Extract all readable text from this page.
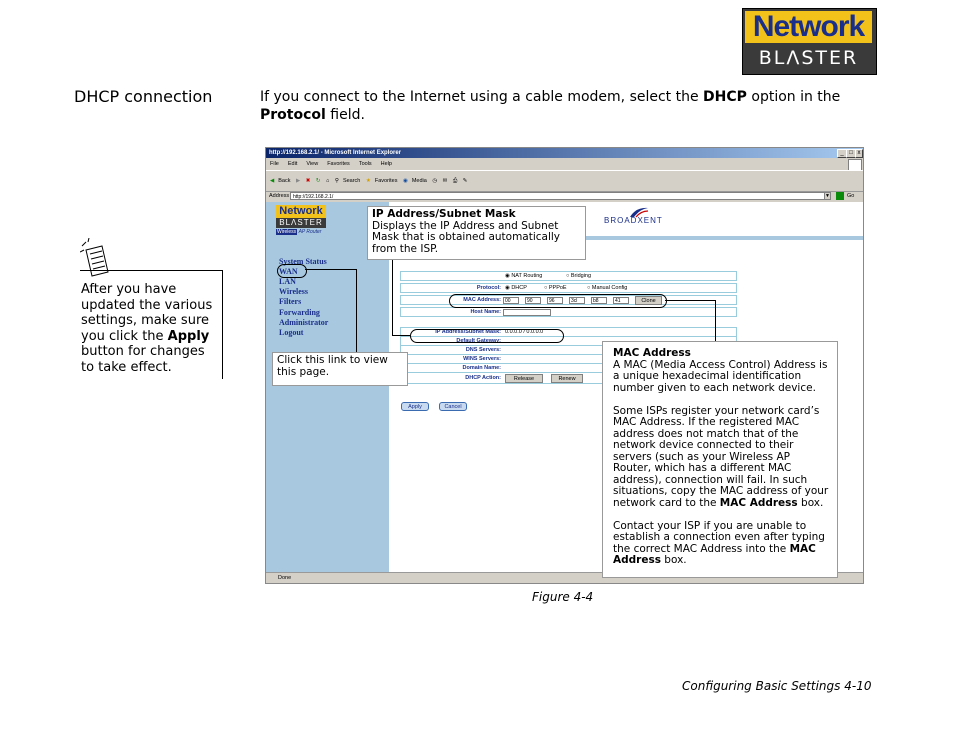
Network
BLΛSTER
DHCP connection	If you connect to the Internet using a cable modem, select the DHCP option in the Protocol field.
After you have updated the various settings, make sure you click the Apply button for changes to take effect.
http://192.168.2.1/ - Microsoft Internet Explorer	_ □ x
File Edit View Favorites Tools Help
◀ Back ▶ ✖ ↻ ⌂ ⚲ Search ★ Favorites ◉ Media ◷ ✉ ⎙ ✎
Address http://192.168.2.1/	▼	Go
Network
BLΛSTER
Wireless AP Router
BROADXENT
System Status
WAN
LAN
Wireless
Filters
Forwarding
Administrator
Logout
◉ NAT Routing	○ Bridging
Protocol: ◉ DHCP	○ PPPoE	○ Manual Config
MAC Address: 00	90	96	3cl	b8	41	Clone
Host Name:
IP Address/Subnet Mask: 0.0.0.0 / 0.0.0.0
Default Gateway:
DNS Servers:
WINS Servers:
Domain Name:
DHCP Action:	Release	Renew
Apply	Cancel
Done
IP Address/Subnet Mask
Displays the IP Address and Subnet Mask that is obtained automatically from the ISP.
Click this link to view this page.
MAC Address
A MAC (Media Access Control) Address is a unique hexadecimal identification number given to each network device.

Some ISPs register your network card’s MAC Address. If the registered MAC address does not match that of the network device connected to their servers (such as your Wireless AP Router, which has a different MAC address), connection will fail. In such situations, copy the MAC address of your network card to the MAC Address box.

Contact your ISP if you are unable to establish a connection even after typing the correct MAC Address into the MAC Address box.
Figure 4-4
Configuring Basic Settings 4-10
